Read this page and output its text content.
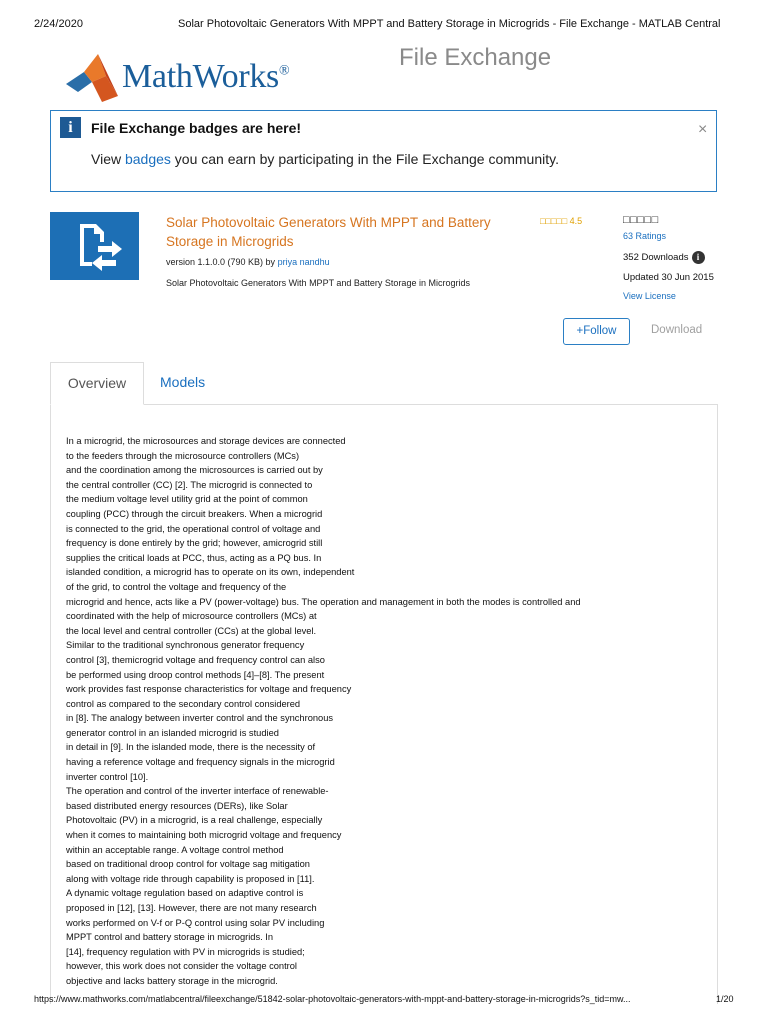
2/24/2020	Solar Photovoltaic Generators With MPPT and Battery Storage in Microgrids - File Exchange - MATLAB Central
MathWorks®
File Exchange
i	File Exchange badges are here!
View badges you can earn by participating in the File Exchange community.
×
Solar Photovoltaic Generators With MPPT and Battery
Storage in Microgrids
version 1.1.0.0 (790 KB) by priya nandhu
Solar Photovoltaic Generators With MPPT and Battery Storage in Microgrids
□□□□□ 4.5	□□□□□
63 Ratings
352 Downloads i
Updated 30 Jun 2015
View License
+Follow	Download
Overview	Models
In a microgrid, the microsources and storage devices are connected
to the feeders through the microsource controllers (MCs)
and the coordination among the microsources is carried out by
the central controller (CC) [2]. The microgrid is connected to
the medium voltage level utility grid at the point of common
coupling (PCC) through the circuit breakers. When a microgrid
is connected to the grid, the operational control of voltage and
frequency is done entirely by the grid; however, amicrogrid still
supplies the critical loads at PCC, thus, acting as a PQ bus. In
islanded condition, a microgrid has to operate on its own, independent
of the grid, to control the voltage and frequency of the
microgrid and hence, acts like a PV (power-voltage) bus. The operation and management in both the modes is controlled and
coordinated with the help of microsource controllers (MCs) at
the local level and central controller (CCs) at the global level.
Similar to the traditional synchronous generator frequency
control [3], themicrogrid voltage and frequency control can also
be performed using droop control methods [4]–[8]. The present
work provides fast response characteristics for voltage and frequency
control as compared to the secondary control considered
in [8]. The analogy between inverter control and the synchronous
generator control in an islanded microgrid is studied
in detail in [9]. In the islanded mode, there is the necessity of
having a reference voltage and frequency signals in the microgrid
inverter control [10].
The operation and control of the inverter interface of renewable-
based distributed energy resources (DERs), like Solar
Photovoltaic (PV) in a microgrid, is a real challenge, especially
when it comes to maintaining both microgrid voltage and frequency
within an acceptable range. A voltage control method
based on traditional droop control for voltage sag mitigation
along with voltage ride through capability is proposed in [11].
A dynamic voltage regulation based on adaptive control is
proposed in [12], [13]. However, there are not many research
works performed on V-f or P-Q control using solar PV including
MPPT control and battery storage in microgrids. In
[14], frequency regulation with PV in microgrids is studied;
however, this work does not consider the voltage control
objective and lacks battery storage in the microgrid.
https://www.mathworks.com/matlabcentral/fileexchange/51842-solar-photovoltaic-generators-with-mppt-and-battery-storage-in-microgrids?s_tid=mw...	1/20
